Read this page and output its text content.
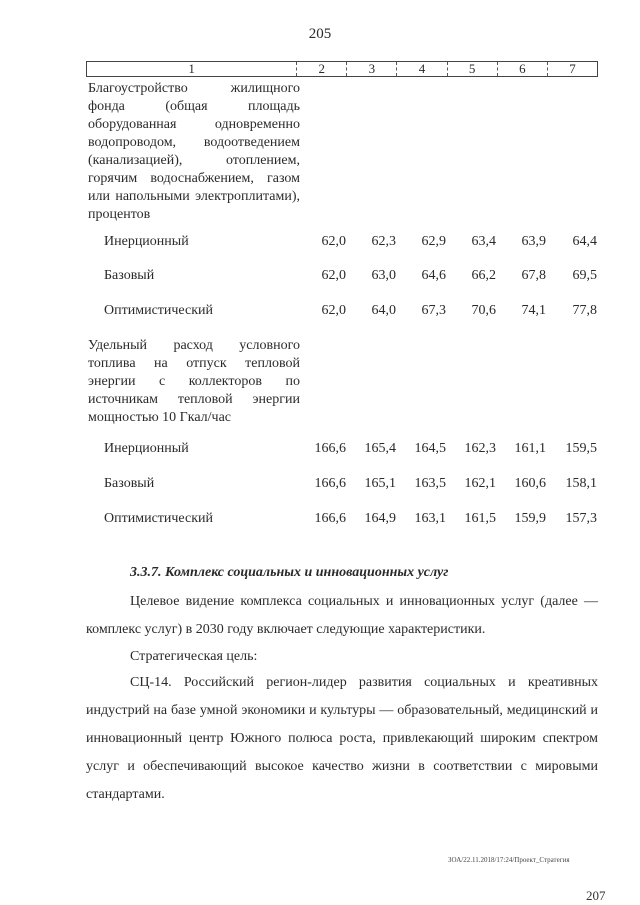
205
1	2	3	4	5	6	7
Благоустройство жилищного фонда (общая площадь оборудованная одновременно водопроводом, водоотведением (канализацией), отоплением, горячим водоснабжением, газом или напольными электроплитами), процентов
Инерционный	62,0	62,3	62,9	63,4	63,9	64,4
Базовый	62,0	63,0	64,6	66,2	67,8	69,5
Оптимистический	62,0	64,0	67,3	70,6	74,1	77,8
Удельный расход условного топлива на отпуск тепловой энергии с коллекторов по источникам тепловой энергии мощностью 10 Гкал/час
Инерционный	166,6	165,4	164,5	162,3	161,1	159,5
Базовый	166,6	165,1	163,5	162,1	160,6	158,1
Оптимистический	166,6	164,9	163,1	161,5	159,9	157,3
3.3.7. Комплекс социальных и инновационных услуг
Целевое видение комплекса социальных и инновационных услуг (далее — комплекс услуг) в 2030 году включает следующие характеристики.
Стратегическая цель:
СЦ-14. Российский регион-лидер развития социальных и креативных индустрий на базе умной экономики и культуры — образовательный, медицинский и инновационный центр Южного полюса роста, привлекающий широким спектром услуг и обеспечивающий высокое качество жизни в соответствии с мировыми стандартами.
ЗОА/22.11.2018/17:24/Проект_Стратегия
207
